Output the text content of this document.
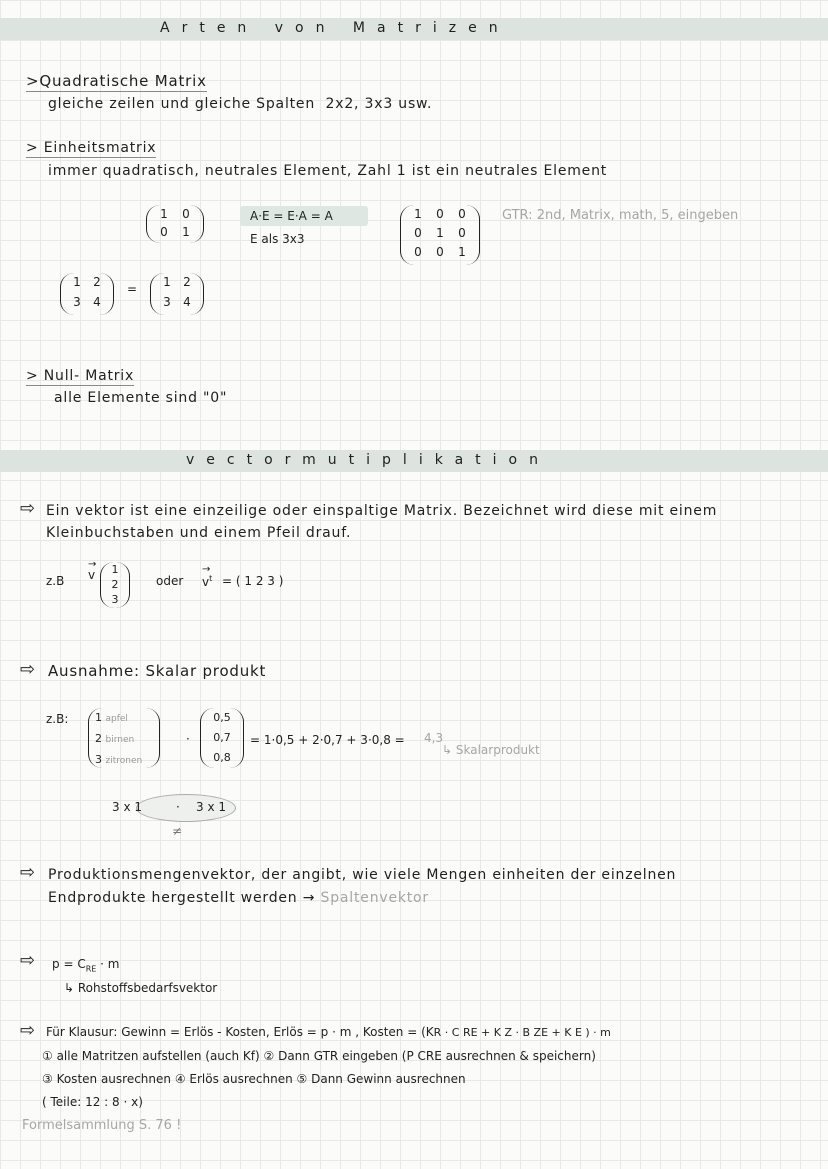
Arten von Matrizen
>Quadratische Matrix
gleiche zeilen und gleiche Spalten 2x2, 3x3 usw.
> Einheitsmatrix
immer quadratisch, neutrales Element, Zahl 1 ist ein neutrales Element
1	0
0	1
A·E = E·A = A
E als 3x3
1	0	0
0	1	0
0	0	1
GTR: 2nd, Matrix, math, 5, eingeben
1	2
3	4
=	1	2
3	4
> Null- Matrix
alle Elemente sind "0"
vectormutiplikation
⇨ Ein vektor ist eine einzeilige oder einspaltige Matrix. Bezeichnet wird diese mit einem
Kleinbuchstaben und einem Pfeil drauf.
z.B
→
v	1
2
3
oder
→
$v^t$ = ( 1 2 3 )
⇨ Ausnahme: Skalar produkt
z.B: 1 apfel
2 birnen
3 zitronen
·
0,5
0,7
0,8
= 1·0,5 + 2·0,7 + 3·0,8 = 4,3
↳ Skalarprodukt
3 x 1	· 3 x 1
≠
⇨ Produktionsmengenvektor, der angibt, wie viele Mengen einheiten der einzelnen
Endprodukte hergestellt werden → Spaltenvektor
⇨ $p = C_{RE} \cdot m$
↳ Rohstoffsbedarfsvektor
⇨ Für Klausur: Gewinn = Erlös - Kosten, Erlös = p · m , Kosten = (KR · C RE + K Z · B ZE + K E ) · m
① alle Matritzen aufstellen (auch Kf) ② Dann GTR eingeben (P CRE ausrechnen & speichern)
③ Kosten ausrechnen ④ Erlös ausrechnen ⑤ Dann Gewinn ausrechnen
( Teile: 12 : 8 · x)
Formelsammlung S. 76 !
